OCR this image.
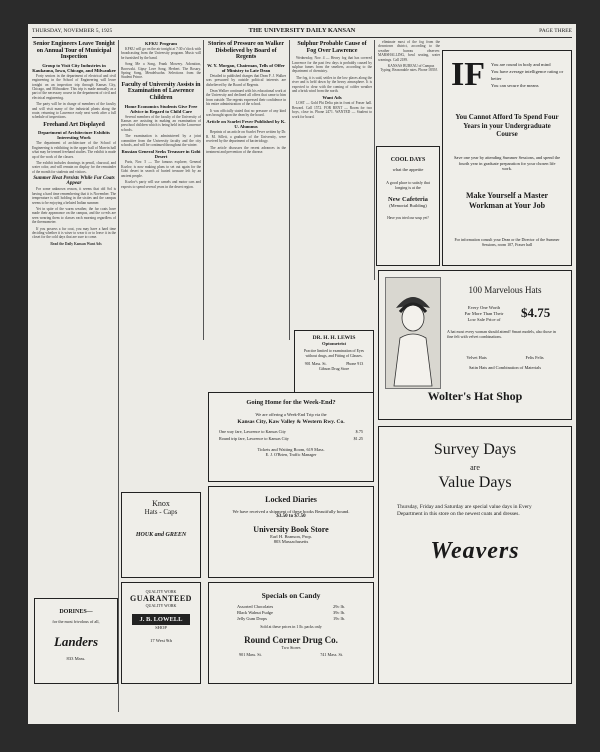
THURSDAY, NOVEMBER 5, 1925	THE UNIVERSITY DAILY KANSAN	PAGE THREE
Senior Engineers Leave Tonight on Annual Tour of Municipal Inspection
Group to Visit City Industries in Kaukauna, Iowa, Chicago, and Milwaukee

Forty seniors in the department of electrical and civil engineering in the School of Engineering will leave tonight on an inspection trip through Kansas City, Chicago, and Milwaukee. This trip is made annually as a part of the necessary course in the department of civil and electrical engineering.

The party will be in charge of members of the faculty and will visit many of the industrial plants along the route, returning to Lawrence early next week after a full schedule of inspections.

Freehand Art Displayed
Department of Architecture Exhibits Interesting Work

The department of architecture of the School of Engineering is exhibiting in the upper hall of Marvin hall what may be termed freehand studies. The exhibit is made up of the work of the classes.

The exhibit includes drawings in pencil, charcoal, and water color, and will remain on display for the remainder of the month for students and visitors.

Summer Heat Persists While Fur Coats Appear

For some unknown reason, it seems that old Sol is having a hard time remembering that it is November. The temperature is still holding in the sixties and the campus seems to be enjoying a belated Indian summer.

Yet in spite of the warm weather, the fur coats have made their appearance on the campus, and the co-eds are seen wearing them to classes each morning regardless of the thermometer.

If you possess a fur coat, you may have a hard time deciding whether it is wiser to wear it or to leave it in the closet for the cold days that are sure to come.

Read the Daily Kansan Want Ads

KFKU Program

KFKU will go on the air tonight at 7:30 o'clock with broadcasting from the University program. Music will be furnished by the band.

Song Me a Song, Frank Mowery. Adoration, Borowski. Gipsy Love Song, Herbert. The Rosary. Spring Song, Mendelssohn. Selections from the Student Prince.

Faculty of University Assists in Examination of Lawrence Children
Home Economics Students Give Free Advice in Regard to Child Care

Several members of the faculty of the University of Kansas are assisting in making an examination of preschool children which is being held in the Lawrence schools.

The examination is administered by a joint committee from the University faculty and the city schools, and will be continued throughout the winter.

Russian General Seeks Treasure in Gobi Desert

Paris, Nov. 5 — The famous explorer, General Kozlov, is now making plans to set out again for the Gobi desert in search of buried treasure left by an ancient people.

Kozlov's party will use camels and motor cars and expects to spend several years in the desert region.

Stories of Pressure on Walker Disbelieved by Board of Regents
W. Y. Morgan, Chairman, Tells of Offer of Ministry to Late Dean

Detailed to published charges that Dean F. J. Walker was pressured by outside political interests are disbelieved by the Board of Regents.

Dean Walker continued with his educational work at the University and declined all offers that came to him from outside. The regents expressed their confidence in his entire administration of the school.

It was officially stated that no pressure of any kind was brought upon the dean by the board.

Article on Scarlet Fever Published by K. U. Alumnus

Reprints of an article on Scarlet Fever written by Dr. R. M. Sillett, a graduate of the University, were received by the department of bacteriology.

The article discusses the recent advances in the treatment and prevention of the disease.

Sulphur Probable Cause of Fog Over Lawrence

Wednesday, Nov. 4 — Heavy fog that has covered Lawrence for the past few days is probably caused by sulphur fumes from the smelters, according to the department of chemistry.

The fog, it is said, settles in the low places along the river and is held down by the heavy atmosphere. It is expected to clear with the coming of colder weather and a brisk wind from the north.

Want Ads

LOST — Gold Phi Delta pin in front of Fraser hall. Reward. Call 1572. FOR RENT — Room for two boys, close in. Phone 2471. WANTED — Student to work for board.

eliminate most of the fog from the downtown district, according to the weather bureau observer. MARSHALLING, bowl seating, water warnings. Call 2189.

KANSAS BUREAU of Campus Typing. Reasonable rates. Phone 1839J.

COOL DAYS
what the appetite
A good place to satisfy that longing is at the
New Cafeteria
(Memorial Building)
Have you tried our soup yet?
IF You are round in body and mind
You have average intelligence rating or better
You can secure the means
You Cannot Afford To Spend Four Years in your Undergraduate Course
Save one year by attending Summer Sessions, and spend the fourth year in graduate preparation for your chosen life work.
Make Yourself a Master Workman at Your Job
For information consult your Dean or the Director of the Summer Sessions, room 107, Fraser hall
DR. H. H. LEWIS
Optometrist
Practice limited to examination of Eyes without drugs, and Fitting of Glasses.
901 Mass. St.	Phone 913
Gibson Drug Store
100 Marvelous Hats
Every One Worth
Far More Than Their
Low Sale Price of	$4.75
A hat most every woman should attend! Smart models, also those in fine felt with velvet combinations.
Velvet Hats	Felts Felts
Satin Hats and Combination of Materials
Wolter's Hat Shop
Going Home for the Week-End?
We are offering a Week-End Trip via the
Kansas City, Kaw Valley & Western Rwy. Co.
One way fare, Lawrence to Kansas City	$.75
Round trip fare, Lawrence to Kansas City	$1.25
Tickets and Waiting Room, 619 Mass.
E. J. O'Brien, Traffic Manager
Locked Diaries
We have received a shipment of these books Beautifully bound.
$3.50 to $7.50
University Book Store
Earl H. Branson, Prop.
803 Massachusetts
Specials on Candy
Assorted Chocolates	29c lb.
Black Walnut Fudge	39c lb.
Jelly Gum Drops	19c lb.
Sold at these prices in 1 lb. packs only
Round Corner Drug Co.
Two Stores
901 Mass. St.	741 Mass. St.
Survey Days
are
Value Days
Thursday, Friday and Saturday are special value days in Every Department in this store on the newest coats and dresses.
Weavers
Knox
Hats - Caps
HOUK and GREEN
QUALITY WORK
GUARANTEED
QUALITY WORK
J. B. LOWELL
SHOP
17 West 9th
DORINES—
for the most frivolous of all,
Landers
833 Mass.
